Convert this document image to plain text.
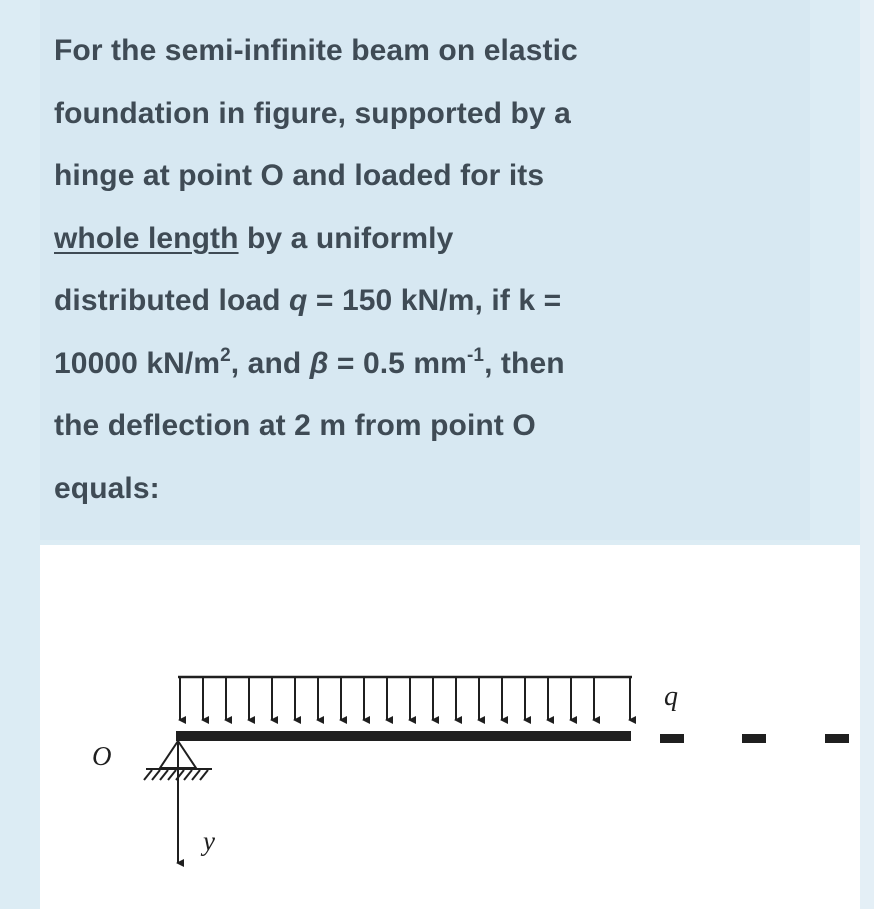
For the semi-infinite beam on elastic
foundation in figure, supported by a
hinge at point O and loaded for its
whole length by a uniformly
distributed load q = 150 kN/m, if k =
10000 $kN/m^2$, and β = 0.5 $mm^{-1}$, then
the deflection at 2 m from point O
equals:

O
q
y
